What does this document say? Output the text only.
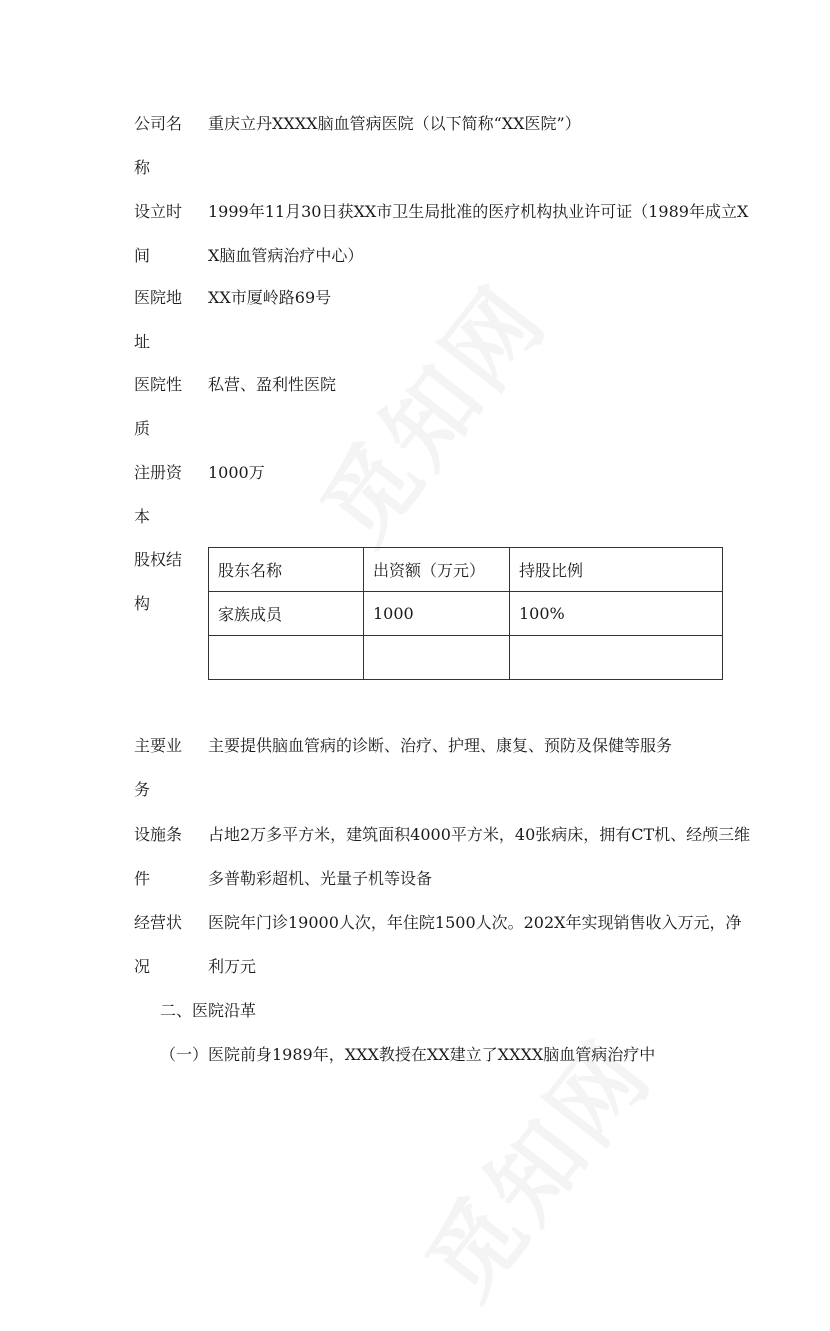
公司名称
重庆立丹XXXX脑血管病医院（以下简称“XX医院”）
设立时间
1999年11月30日获XX市卫生局批准的医疗机构执业许可证（1989年成立XX脑血管病治疗中心）
医院地址
XX市厦岭路69号
医院性质
私营、盈利性医院
注册资本
1000万
股权结构
股东名称	出资额（万元）	持股比例
家族成员	1000	100%

主要业务
主要提供脑血管病的诊断、治疗、护理、康复、预防及保健等服务
设施条件
占地2万多平方米，建筑面积4000平方米，40张病床，拥有CT机、经颅三维多普勒彩超机、光量子机等设备
经营状况
医院年门诊19000人次，年住院1500人次。202X年实现销售收入万元，净利万元
二、医院沿革
（一）医院前身1989年，XXX教授在XX建立了XXXX脑血管病治疗中
